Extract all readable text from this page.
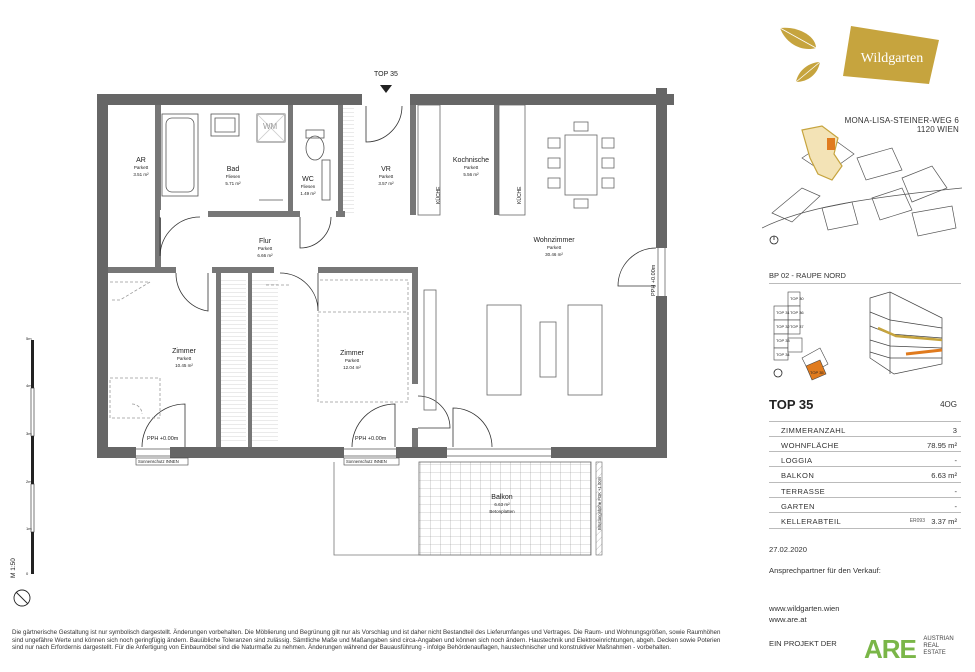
TOP 35
AR
Parkett
3.51 m²
Bad
Fliesen
5.71 m²
WC
Fliesen
1.49 m²
VR
Parkett
3.57 m²
Kochnische
Parkett
5.56 m²
Flur
Parkett
6.66 m²
Wohnzimmer
Parkett
30.46 m²
Zimmer
Parkett
10.45 m²
Zimmer
Parkett
12.04 m²
Balkon
6.63 m²
Betonplatten
WM
KÜCHE	KÜCHE
PPH +0.00m	PPH +0.00m
PPH +0.00m
Sonnenschutz INNEN	Sonnenschutz INNEN
Brüstungshöhe FOK +1.00m
5m
4m
3m
2m
1m
0
M 1:50
Wildgarten
MONA-LISA-STEINER-WEG 6
1120 WIEN
BP 02 - RAUPE NORD
TOP 30
TOP 31
TOP 32
TOP 33
TOP 34
TOP 35
TOP 36
TOP 37
TOP 35	4OG
ZIMMERANZAHL	3
WOHNFLÄCHE	78.95 m²
LOGGIA	-
BALKON	6.63 m²
TERRASSE	-
GARTEN	-
KELLERABTEIL	ER093 3.37 m²
27.02.2020
Ansprechpartner für den Verkauf:
www.wildgarten.wien
www.are.at
EIN PROJEKT DER ARE AUSTRIAN
REAL
ESTATE
Die gärtnerische Gestaltung ist nur symbolisch dargestellt. Änderungen vorbehalten. Die Möblierung und Begrünung gilt nur als Vorschlag und ist daher nicht Bestandteil des Lieferumfanges und Vertrages. Die Raum- und Wohnungsgrößen, sowie Raumhöhen sind ungefähre Werte und können sich noch geringfügig ändern. Bauübliche Toleranzen sind zulässig. Sämtliche Maße und Maßangaben sind circa-Angaben und können sich noch ändern. Haustechnik und Elektroeinrichtungen, abgeh. Decken sowie Poterien sind nur nach Erfordernis dargestellt. Für die Anfertigung von Einbaumöbel sind die Naturmaße zu nehmen. Änderungen während der Bauausführung - infolge Behördenauflagen, haustechnischer und konstruktiver Maßnahmen - vorbehalten.
